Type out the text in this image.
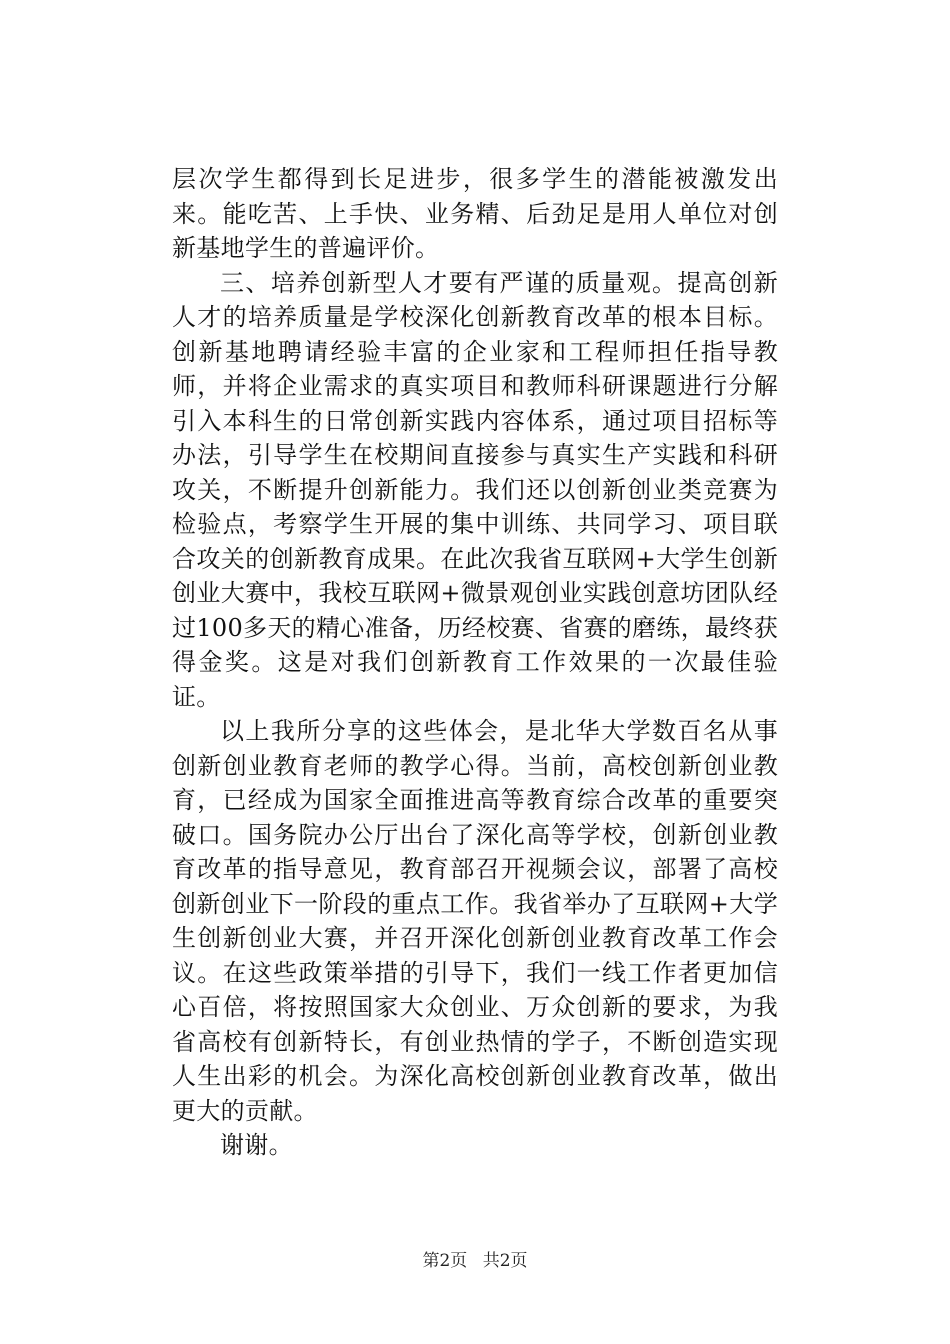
层次学生都得到长足进步，很多学生的潜能被激发出来。能吃苦、上手快、业务精、后劲足是用人单位对创新基地学生的普遍评价。

三、培养创新型人才要有严谨的质量观。提高创新人才的培养质量是学校深化创新教育改革的根本目标。创新基地聘请经验丰富的企业家和工程师担任指导教师，并将企业需求的真实项目和教师科研课题进行分解引入本科生的日常创新实践内容体系，通过项目招标等办法，引导学生在校期间直接参与真实生产实践和科研攻关，不断提升创新能力。我们还以创新创业类竞赛为检验点，考察学生开展的集中训练、共同学习、项目联合攻关的创新教育成果。在此次我省互联网+大学生创新创业大赛中，我校互联网+微景观创业实践创意坊团队经过100多天的精心准备，历经校赛、省赛的磨练，最终获得金奖。这是对我们创新教育工作效果的一次最佳验证。

以上我所分享的这些体会，是北华大学数百名从事创新创业教育老师的教学心得。当前，高校创新创业教育，已经成为国家全面推进高等教育综合改革的重要突破口。国务院办公厅出台了深化高等学校，创新创业教育改革的指导意见，教育部召开视频会议，部署了高校创新创业下一阶段的重点工作。我省举办了互联网+大学生创新创业大赛，并召开深化创新创业教育改革工作会议。在这些政策举措的引导下，我们一线工作者更加信心百倍，将按照国家大众创业、万众创新的要求，为我省高校有创新特长，有创业热情的学子，不断创造实现人生出彩的机会。为深化高校创新创业教育改革，做出更大的贡献。

谢谢。

第2页 共2页
